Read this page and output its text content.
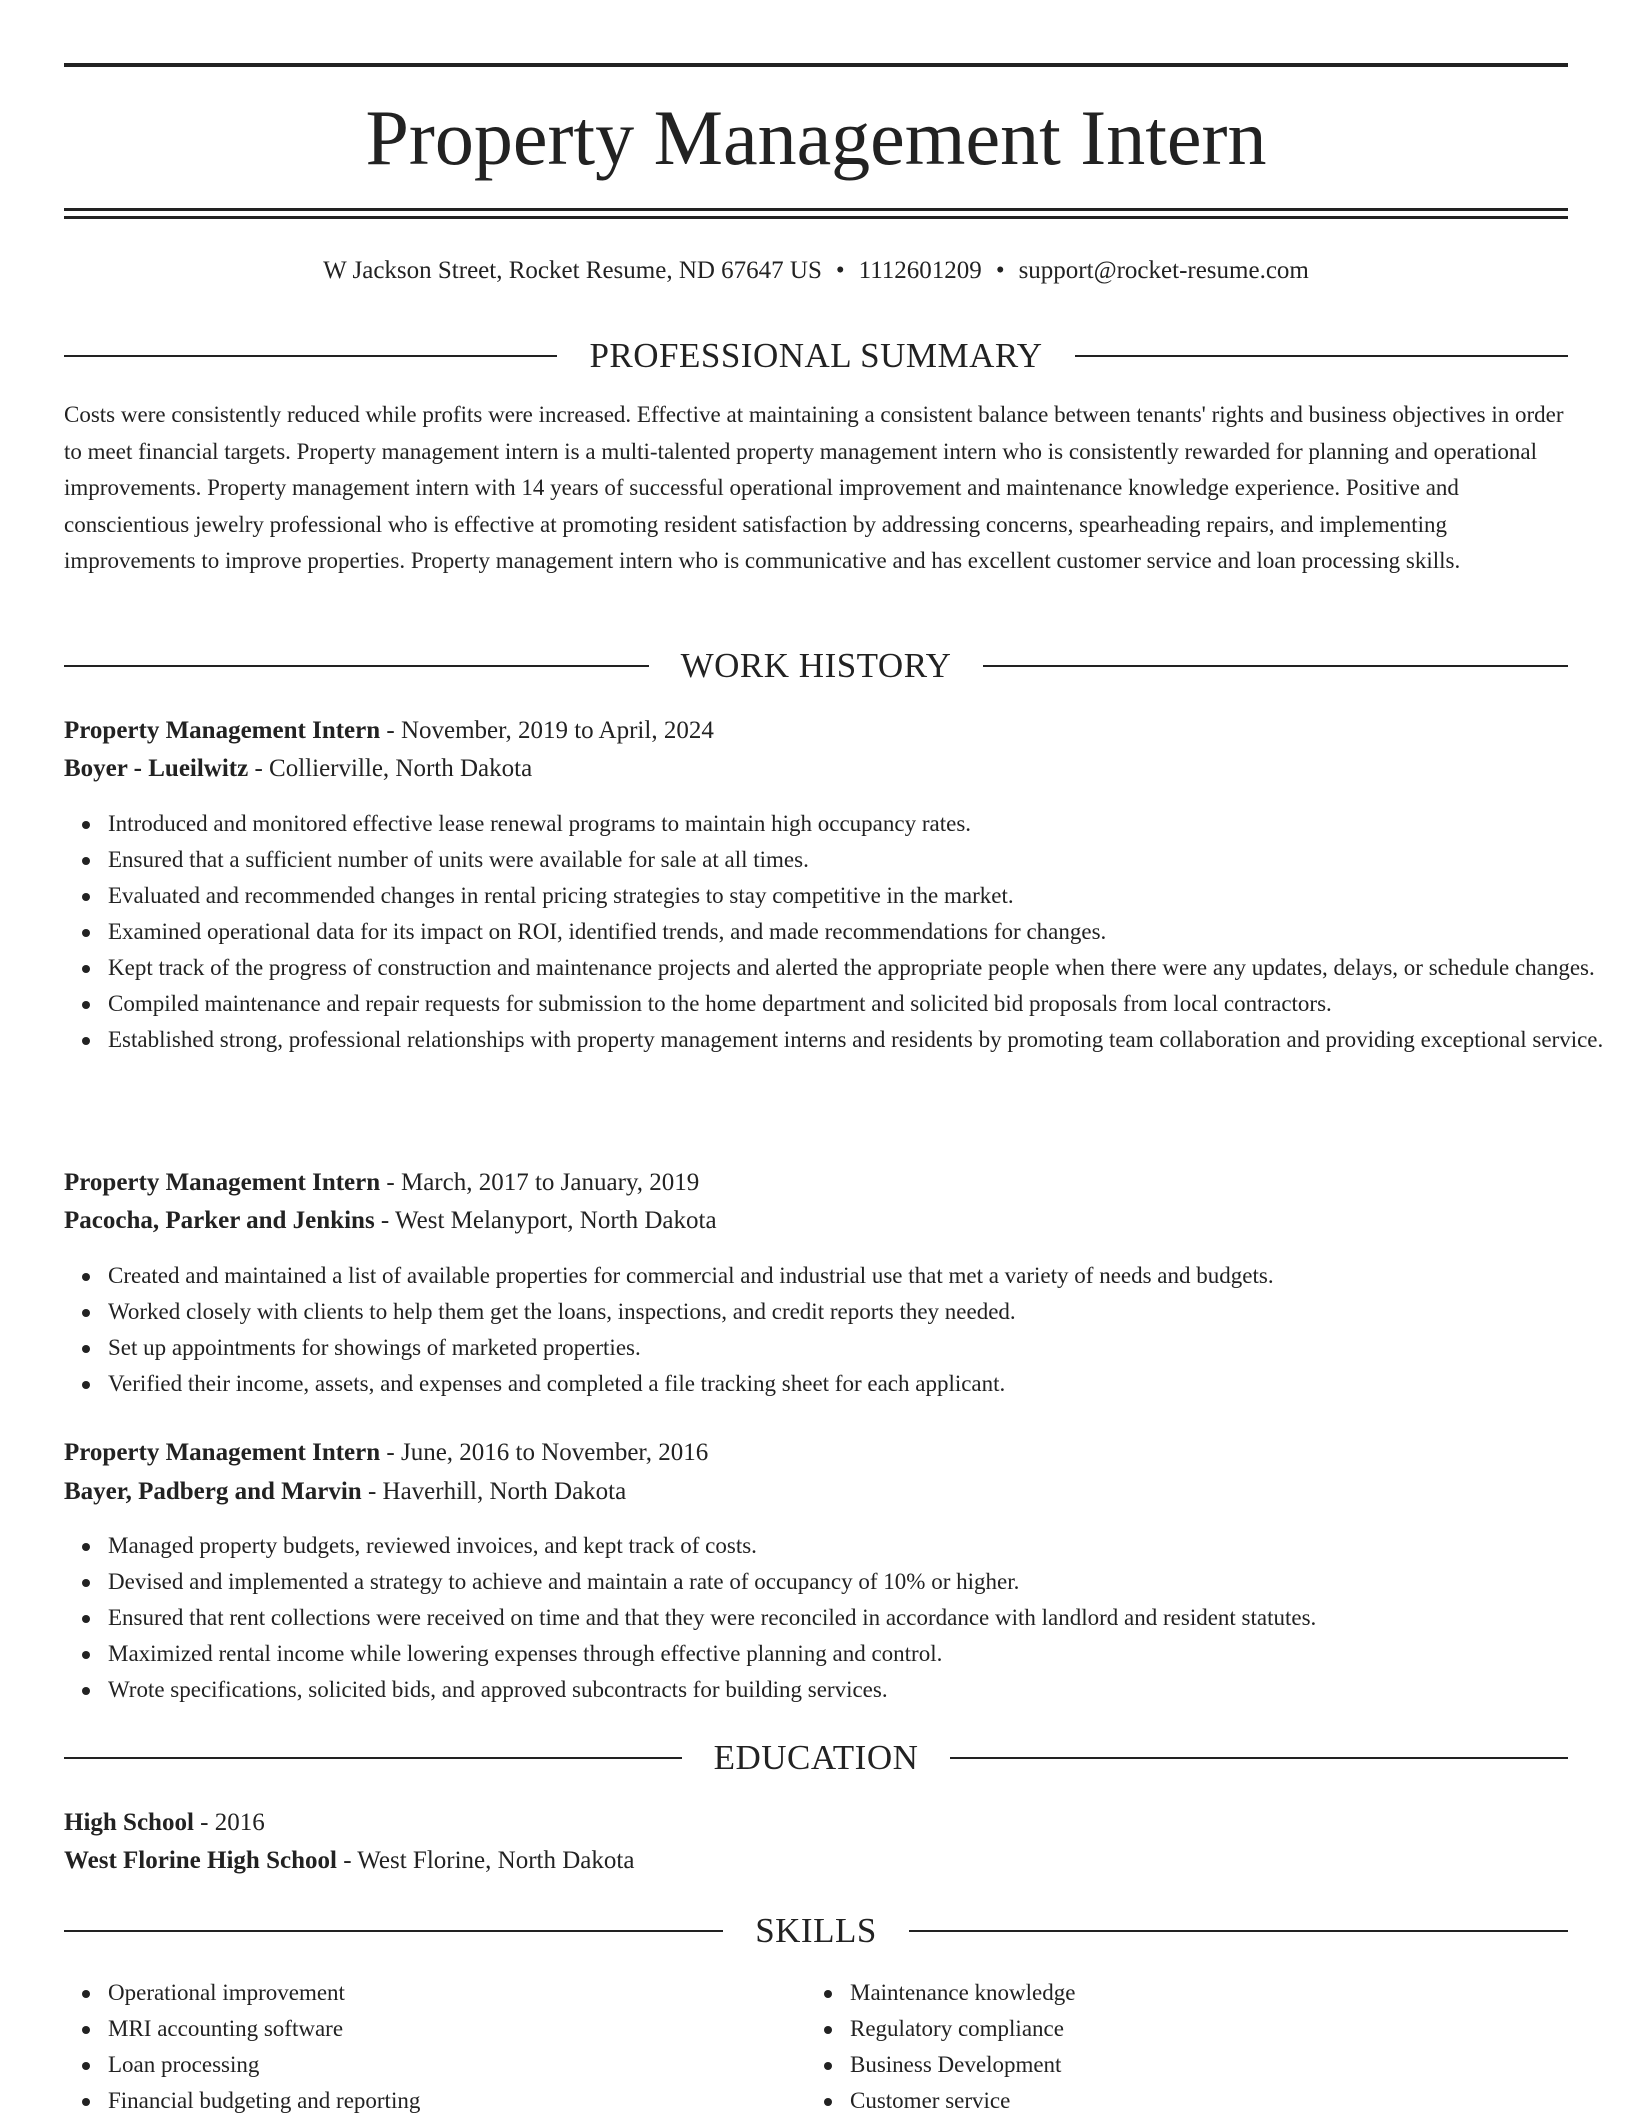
Property Management Intern
W Jackson Street, Rocket Resume, ND 67647 US • 1112601209 • support@rocket-resume.com
PROFESSIONAL SUMMARY

Costs were consistently reduced while profits were increased. Effective at maintaining a consistent balance between tenants' rights and business objectives in order to meet financial targets. Property management intern is a multi-talented property management intern who is consistently rewarded for planning and operational improvements. Property management intern with 14 years of successful operational improvement and maintenance knowledge experience. Positive and conscientious jewelry professional who is effective at promoting resident satisfaction by addressing concerns, spearheading repairs, and implementing improvements to improve properties. Property management intern who is communicative and has excellent customer service and loan processing skills.

WORK HISTORY
Property Management Intern - November, 2019 to April, 2024
Boyer - Lueilwitz - Collierville, North Dakota
Introduced and monitored effective lease renewal programs to maintain high occupancy rates.
Ensured that a sufficient number of units were available for sale at all times.
Evaluated and recommended changes in rental pricing strategies to stay competitive in the market.
Examined operational data for its impact on ROI, identified trends, and made recommendations for changes.
Kept track of the progress of construction and maintenance projects and alerted the appropriate people when there were any updates, delays, or schedule changes.
Compiled maintenance and repair requests for submission to the home department and solicited bid proposals from local contractors.
Established strong, professional relationships with property management interns and residents by promoting team collaboration and providing exceptional service.
Property Management Intern - March, 2017 to January, 2019
Pacocha, Parker and Jenkins - West Melanyport, North Dakota
Created and maintained a list of available properties for commercial and industrial use that met a variety of needs and budgets.
Worked closely with clients to help them get the loans, inspections, and credit reports they needed.
Set up appointments for showings of marketed properties.
Verified their income, assets, and expenses and completed a file tracking sheet for each applicant.
Property Management Intern - June, 2016 to November, 2016
Bayer, Padberg and Marvin - Haverhill, North Dakota
Managed property budgets, reviewed invoices, and kept track of costs.
Devised and implemented a strategy to achieve and maintain a rate of occupancy of 10% or higher.
Ensured that rent collections were received on time and that they were reconciled in accordance with landlord and resident statutes.
Maximized rental income while lowering expenses through effective planning and control.
Wrote specifications, solicited bids, and approved subcontracts for building services.
EDUCATION
High School - 2016
West Florine High School - West Florine, North Dakota
SKILLS
Operational improvement
MRI accounting software
Loan processing
Financial budgeting and reporting
Maintenance knowledge
Regulatory compliance
Business Development
Customer service
